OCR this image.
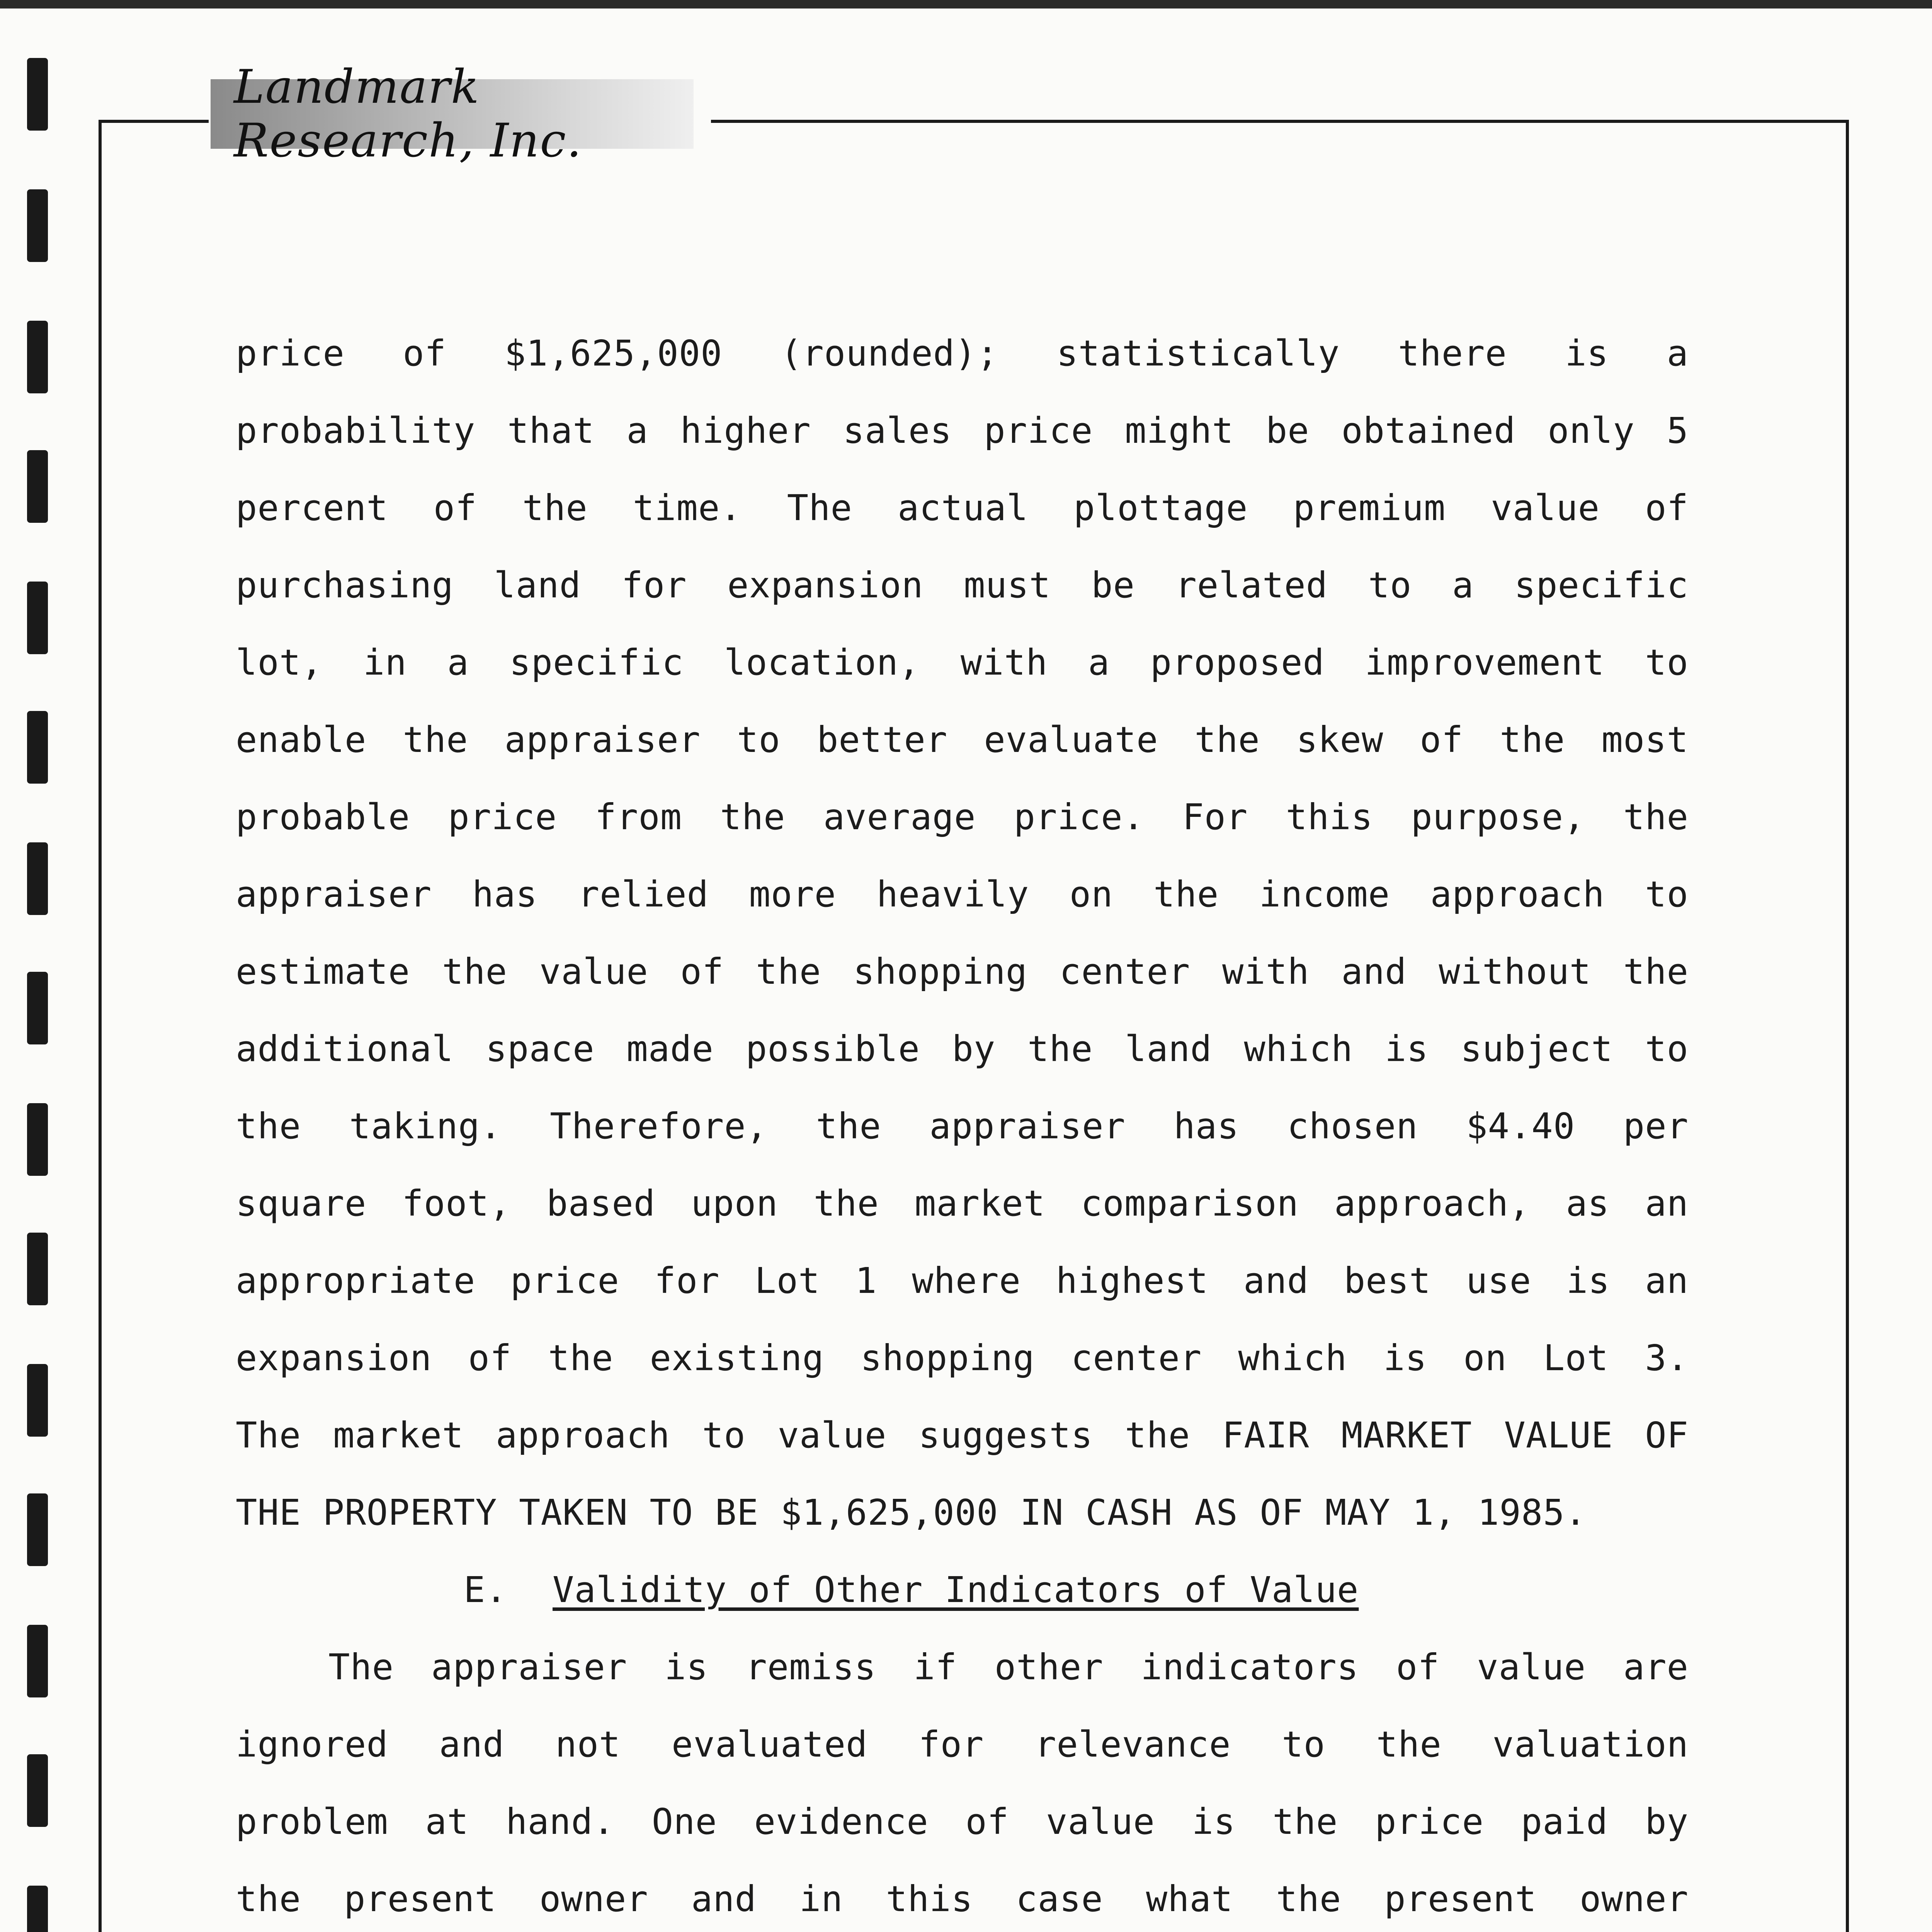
Landmark Research, Inc.
price of $1,625,000 (rounded); statistically there is a
probability that a higher sales price might be obtained only 5
percent of the time. The actual plottage premium value of
purchasing land for expansion must be related to a specific
lot, in a specific location, with a proposed improvement to
enable the appraiser to better evaluate the skew of the most
probable price from the average price. For this purpose, the
appraiser has relied more heavily on the income approach to
estimate the value of the shopping center with and without the
additional space made possible by the land which is subject to
the taking. Therefore, the appraiser has chosen $4.40 per
square foot, based upon the market comparison approach, as an
appropriate price for Lot 1 where highest and best use is an
expansion of the existing shopping center which is on Lot 3.
The market approach to value suggests the FAIR MARKET VALUE OF
THE PROPERTY TAKEN TO BE $1,625,000 IN CASH AS OF MAY 1, 1985.
E. Validity of Other Indicators of Value
The appraiser is remiss if other indicators of value are
ignored and not evaluated for relevance to the valuation
problem at hand. One evidence of value is the price paid by
the present owner and in this case what the present owner
